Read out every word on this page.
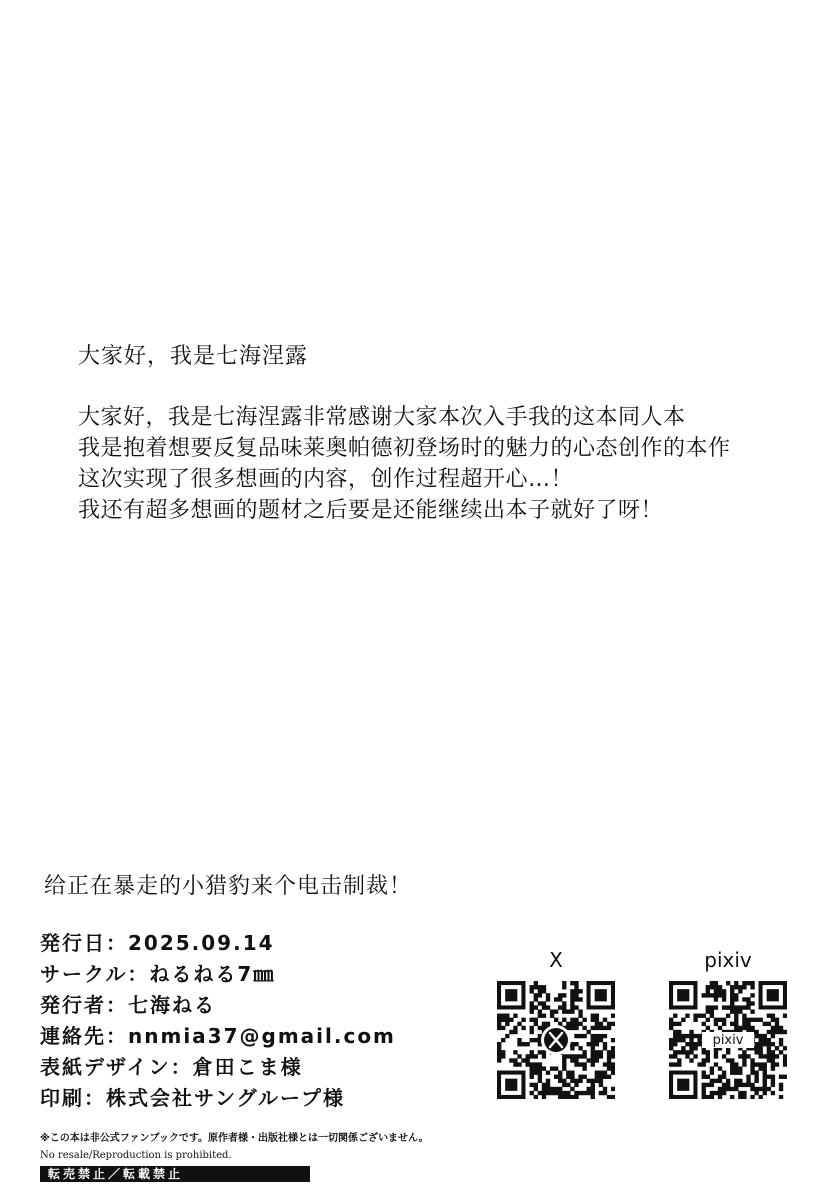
大家好，我是七海涅露

大家好，我是七海涅露非常感谢大家本次入手我的这本同人本
我是抱着想要反复品味莱奥帕德初登场时的魅力的心态创作的本作
这次实现了很多想画的内容，创作过程超开心…！
我还有超多想画的题材之后要是还能继续出本子就好了呀！
给正在暴走的小猎豹来个电击制裁！
発行日：2025.09.14
サークル：ねるねる7㎜
発行者：七海ねる
連絡先：nnmia37@gmail.com
表紙デザイン：倉田こま様
印刷：株式会社サングループ様
X	pixiv
pixiv
※この本は非公式ファンブックです。原作者様・出版社様とは一切関係ございません。
No resale/Reproduction is prohibited.
転売禁止／転載禁止
